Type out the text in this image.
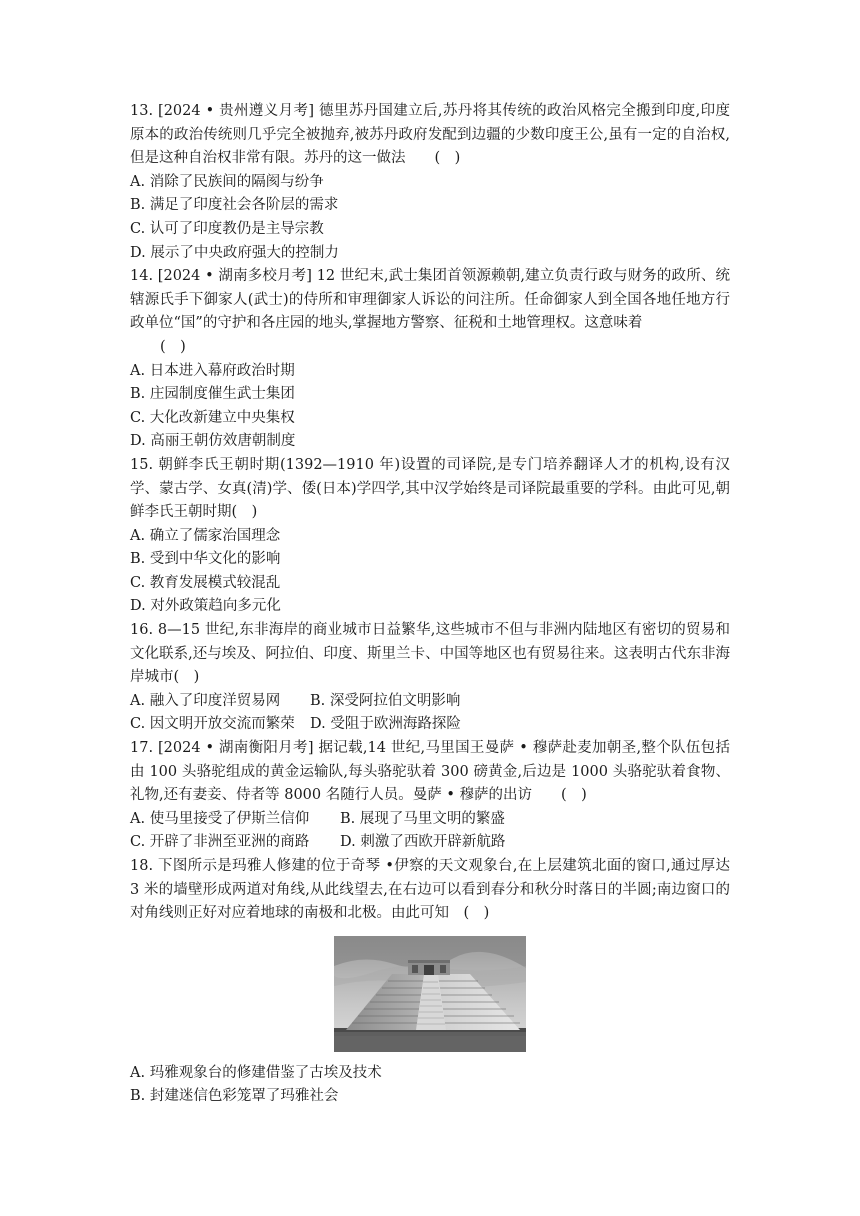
13. [2024 • 贵州遵义月考] 德里苏丹国建立后,苏丹将其传统的政治风格完全搬到印度,印度原本的政治传统则几乎完全被抛弃,被苏丹政府发配到边疆的少数印度王公,虽有一定的自治权,但是这种自治权非常有限。苏丹的这一做法　　(　)

A. 消除了民族间的隔阂与纷争
B. 满足了印度社会各阶层的需求
C. 认可了印度教仍是主导宗教
D. 展示了中央政府强大的控制力

14. [2024 • 湖南多校月考] 12 世纪末,武士集团首领源赖朝,建立负责行政与财务的政所、统辖源氏手下御家人(武士)的侍所和审理御家人诉讼的问注所。任命御家人到全国各地任地方行政单位“国”的守护和各庄园的地头,掌握地方警察、征税和土地管理权。这意味着

(　)
A. 日本进入幕府政治时期
B. 庄园制度催生武士集团
C. 大化改新建立中央集权
D. 高丽王朝仿效唐朝制度

15. 朝鲜李氏王朝时期(1392—1910 年)设置的司译院,是专门培养翻译人才的机构,设有汉学、蒙古学、女真(清)学、倭(日本)学四学,其中汉学始终是司译院最重要的学科。由此可见,朝鲜李氏王朝时期(　)

A. 确立了儒家治国理念
B. 受到中华文化的影响
C. 教育发展模式较混乱
D. 对外政策趋向多元化

16. 8—15 世纪,东非海岸的商业城市日益繁华,这些城市不但与非洲内陆地区有密切的贸易和文化联系,还与埃及、阿拉伯、印度、斯里兰卡、中国等地区也有贸易往来。这表明古代东非海岸城市(　)

A. 融入了印度洋贸易网	B. 深受阿拉伯文明影响
C. 因文明开放交流而繁荣	D. 受阻于欧洲海路探险

17. [2024 • 湖南衡阳月考] 据记载,14 世纪,马里国王曼萨 • 穆萨赴麦加朝圣,整个队伍包括由 100 头骆驼组成的黄金运输队,每头骆驼驮着 300 磅黄金,后边是 1000 头骆驼驮着食物、礼物,还有妻妾、侍者等 8000 名随行人员。曼萨 • 穆萨的出访　　(　)

A. 使马里接受了伊斯兰信仰	B. 展现了马里文明的繁盛
C. 开辟了非洲至亚洲的商路	D. 刺激了西欧开辟新航路

18. 下图所示是玛雅人修建的位于奇琴 •伊察的天文观象台,在上层建筑北面的窗口,通过厚达 3 米的墙壁形成两道对角线,从此线望去,在右边可以看到春分和秋分时落日的半圆;南边窗口的对角线则正好对应着地球的南极和北极。由此可知　(　)

A. 玛雅观象台的修建借鉴了古埃及技术
B. 封建迷信色彩笼罩了玛雅社会
